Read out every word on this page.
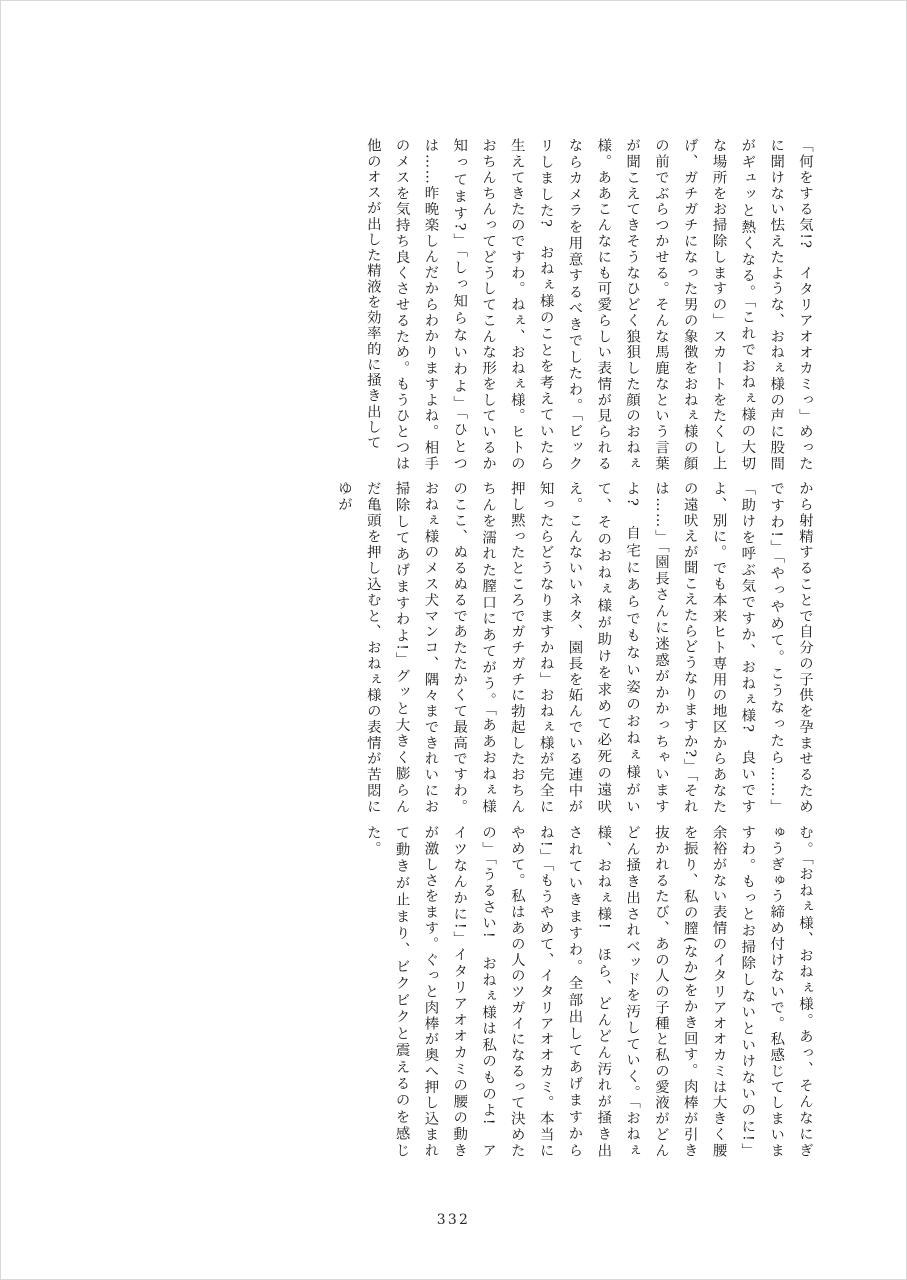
「何をする気!?　イタリアオオカミっ」めったに聞けない怯えたような、おねぇ様の声に股間がギュッと熱くなる。「これでおねぇ様の大切な場所をお掃除しますの」スカートをたくし上げ、ガチガチになった男の象徴をおねぇ様の顔の前でぶらつかせる。そんな馬鹿なという言葉が聞こえてきそうなひどく狼狽した顔のおねぇ様。ああこんなにも可愛らしい表情が見られるならカメラを用意するべきでしたわ。「ビックリしました?　おねぇ様のことを考えていたら生えてきたのですわ。ねぇ、おねぇ様。ヒトのおちんちんってどうしてこんな形をしているか知ってます?」「しっ知らないわよ」「ひとつは……昨晩楽しんだからわかりますよね。相手のメスを気持ち良くさせるため。もうひとつは他のオスが出した精液を効率的に掻き出して

から射精することで自分の子供を孕ませるためですわ!」「やっやめて。こうなったら……」「助けを呼ぶ気ですか、おねぇ様?　良いですよ、別に。でも本来ヒト専用の地区からあなたの遠吠えが聞こえたらどうなりますか?」「それは……」「園長さんに迷惑がかかっちゃいますよ?　自宅にあらでもない姿のおねぇ様がいて、そのおねぇ様が助けを求めて必死の遠吠え。こんないいネタ、園長を妬んでいる連中が知ったらどうなりますかね」おねぇ様が完全に押し黙ったところでガチガチに勃起したおちんちんを濡れた膣口にあてがう。「ああおねぇ様のここ、ぬるぬるであたたかくて最高ですわ。おねぇ様のメス犬マンコ、隅々まできれいにお掃除してあげますわよ!」グッと大きく膨らんだ亀頭を押し込むと、おねぇ様の表情が苦悶にゆが

む。「おねぇ様、おねぇ様。あっ、そんなにぎゅうぎゅう締め付けないで。私感じてしまいますわ。もっとお掃除しないといけないのに!」余裕がない表情のイタリアオオカミは大きく腰を振り、私の膣(なか)をかき回す。肉棒が引き抜かれるたび、あの人の子種と私の愛液がどんどん掻き出されベッドを汚していく。「おねぇ様、おねぇ様!　ほら、どんどん汚れが掻き出されていきますわ。全部出してあげますからね!」「もうやめて、イタリアオオカミ。本当にやめて。私はあの人のツガイになるって決めたの」「うるさい!　おねぇ様は私のものよ!　アイツなんかに!」イタリアオオカミの腰の動きが激しさをます。ぐっと肉棒が奥へ押し込まれて動きが止まり、ビクビクと震えるのを感じた。

332
